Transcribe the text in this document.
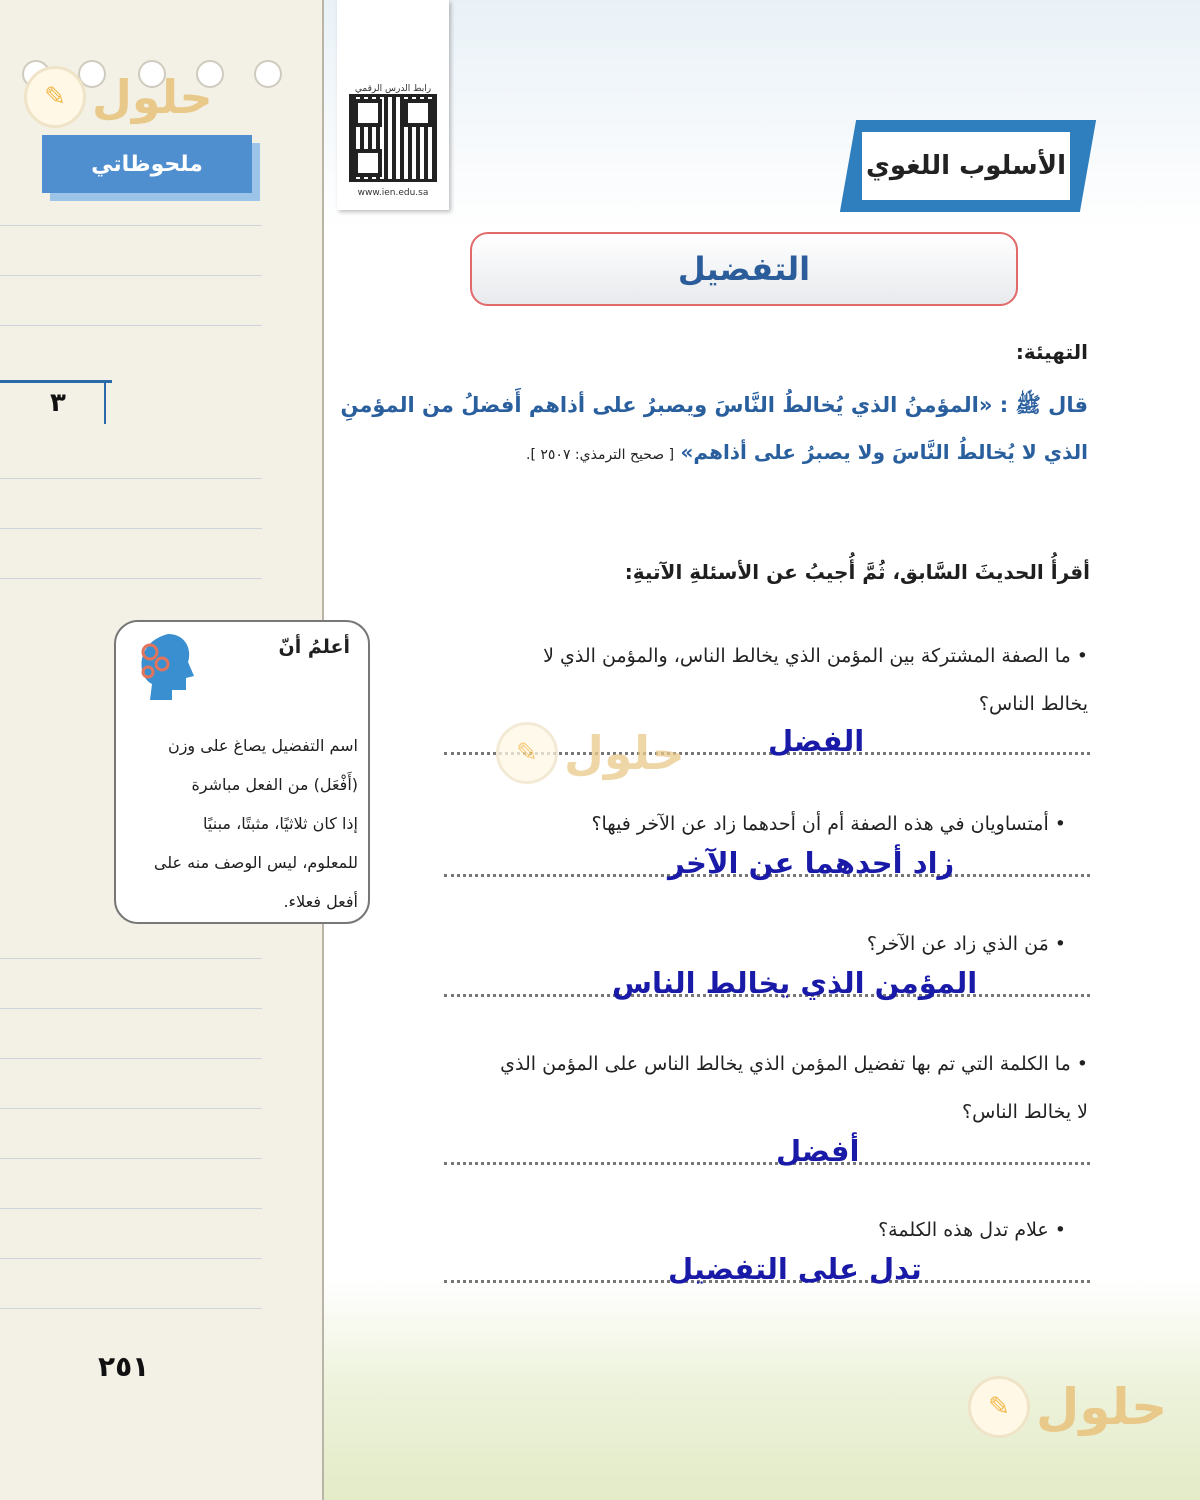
ملحوظاتي
٣
٢٥١
✎ حلول	رابط الدرس الرقمي
www.ien.edu.sa
الأسلوب اللغوي
التفضيل
التهيئة:
قال ﷺ : «المؤمنُ الذي يُخالطُ النَّاسَ ويصبرُ على أذاهم أَفضلُ من المؤمنِ
الذي لا يُخالطُ النَّاسَ ولا يصبرُ على أذاهم» [ صحيح الترمذي: ٢٥٠٧ ].
أقرأُ الحديثَ السَّابق، ثُمَّ أُجيبُ عن الأسئلةِ الآتيةِ:
• ما الصفة المشتركة بين المؤمن الذي يخالط الناس، والمؤمن الذي لا
يخالط الناس؟
الفضل
• أمتساويان في هذه الصفة أم أن أحدهما زاد عن الآخر فيها؟
زاد أحدهما عن الآخر
• مَن الذي زاد عن الآخر؟
المؤمن الذي يخالط الناس
• ما الكلمة التي تم بها تفضيل المؤمن الذي يخالط الناس على المؤمن الذي
لا يخالط الناس؟
أفضل
• علام تدل هذه الكلمة؟
تدل على التفضيل
أعلمُ أنّ
اسم التفضيل يصاغ على وزن
(أَفْعَل) من الفعل مباشرة
إذا كان ثلاثيًا، مثبتًا، مبنيًا
للمعلوم، ليس الوصف منه على
أفعل فعلاء.
✎ حلول
✎ حلول
